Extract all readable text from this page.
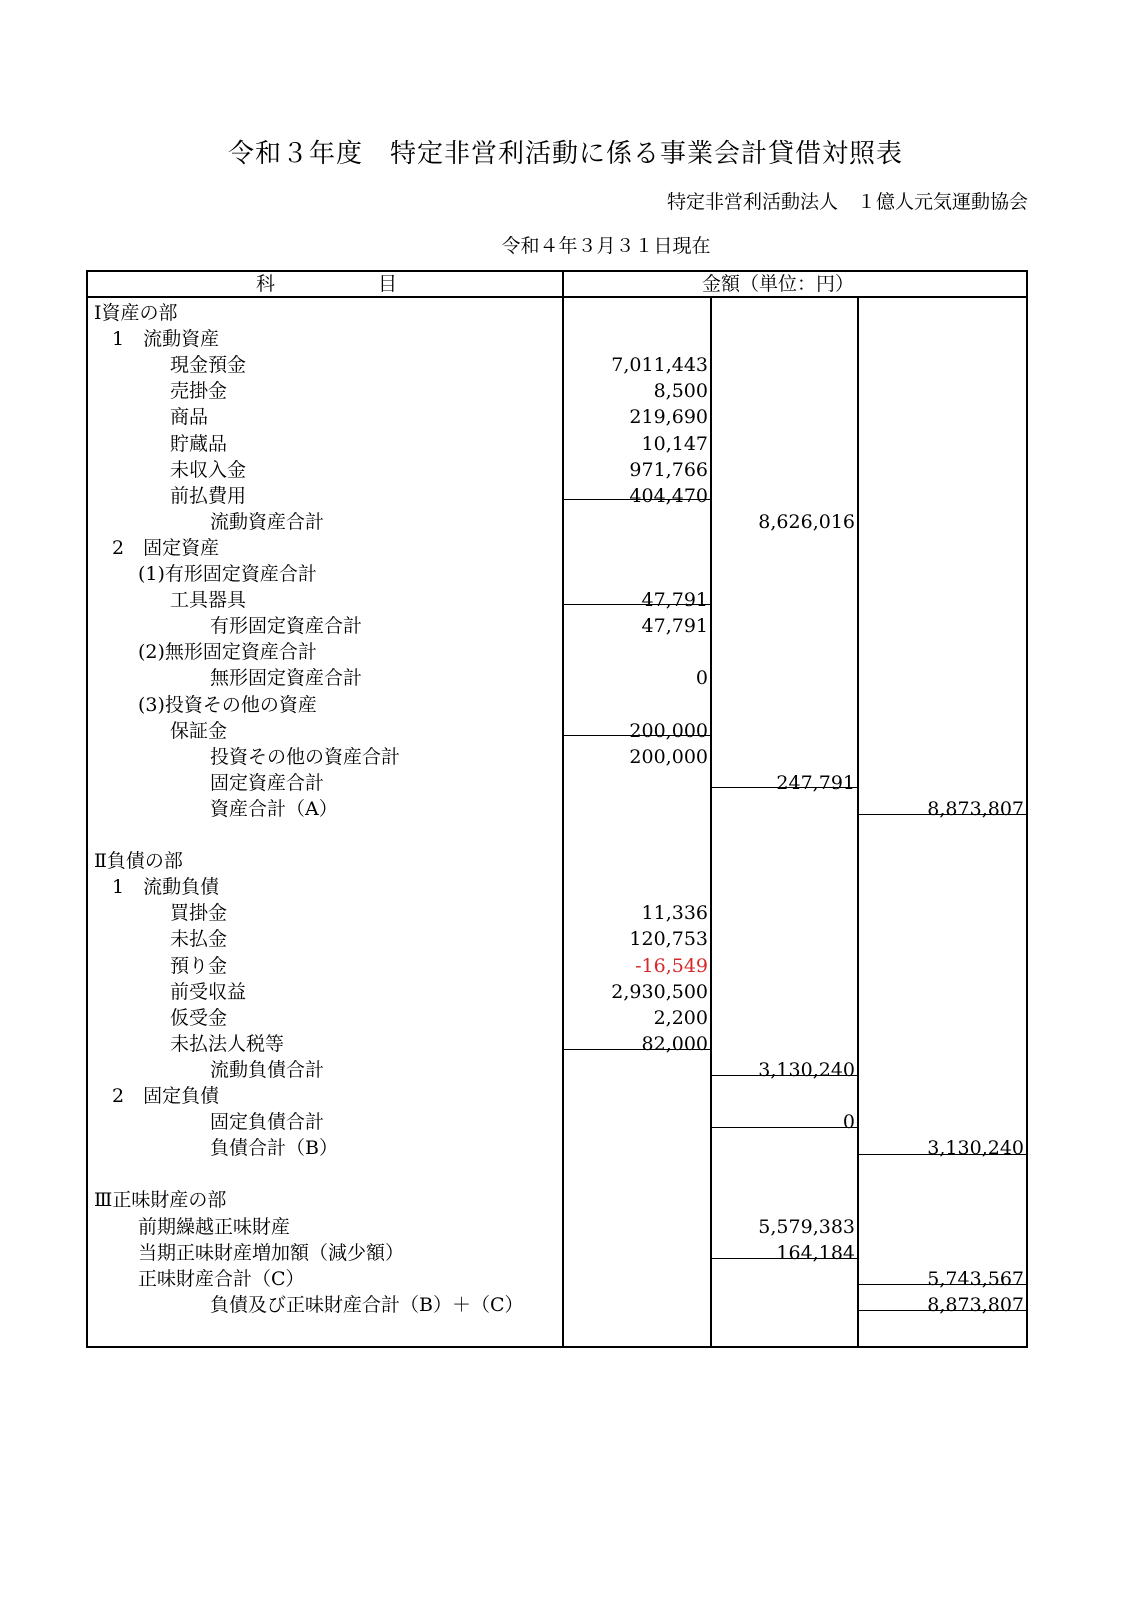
令和３年度　特定非営利活動に係る事業会計貸借対照表
特定非営利活動法人　１億人元気運動協会
令和４年３月３１日現在
科	目	金額（単位：円）
Ⅰ資産の部
1　流動資産
現金預金	7,011,443
売掛金	8,500
商品	219,690
貯蔵品	10,147
未収入金	971,766
前払費用	404,470
流動資産合計	8,626,016
2　固定資産
(1)有形固定資産合計
工具器具	47,791
有形固定資産合計	47,791
(2)無形固定資産合計
無形固定資産合計	0
(3)投資その他の資産
保証金	200,000
投資その他の資産合計	200,000
固定資産合計	247,791
資産合計（A）	8,873,807
Ⅱ負債の部
1　流動負債
買掛金	11,336
未払金	120,753
預り金	-16,549
前受収益	2,930,500
仮受金	2,200
未払法人税等	82,000
流動負債合計	3,130,240
2　固定負債
固定負債合計	0
負債合計（B）	3,130,240
Ⅲ正味財産の部
前期繰越正味財産	5,579,383
当期正味財産増加額（減少額）	164,184
正味財産合計（C）	5,743,567
負債及び正味財産合計（B）＋（C）	8,873,807
